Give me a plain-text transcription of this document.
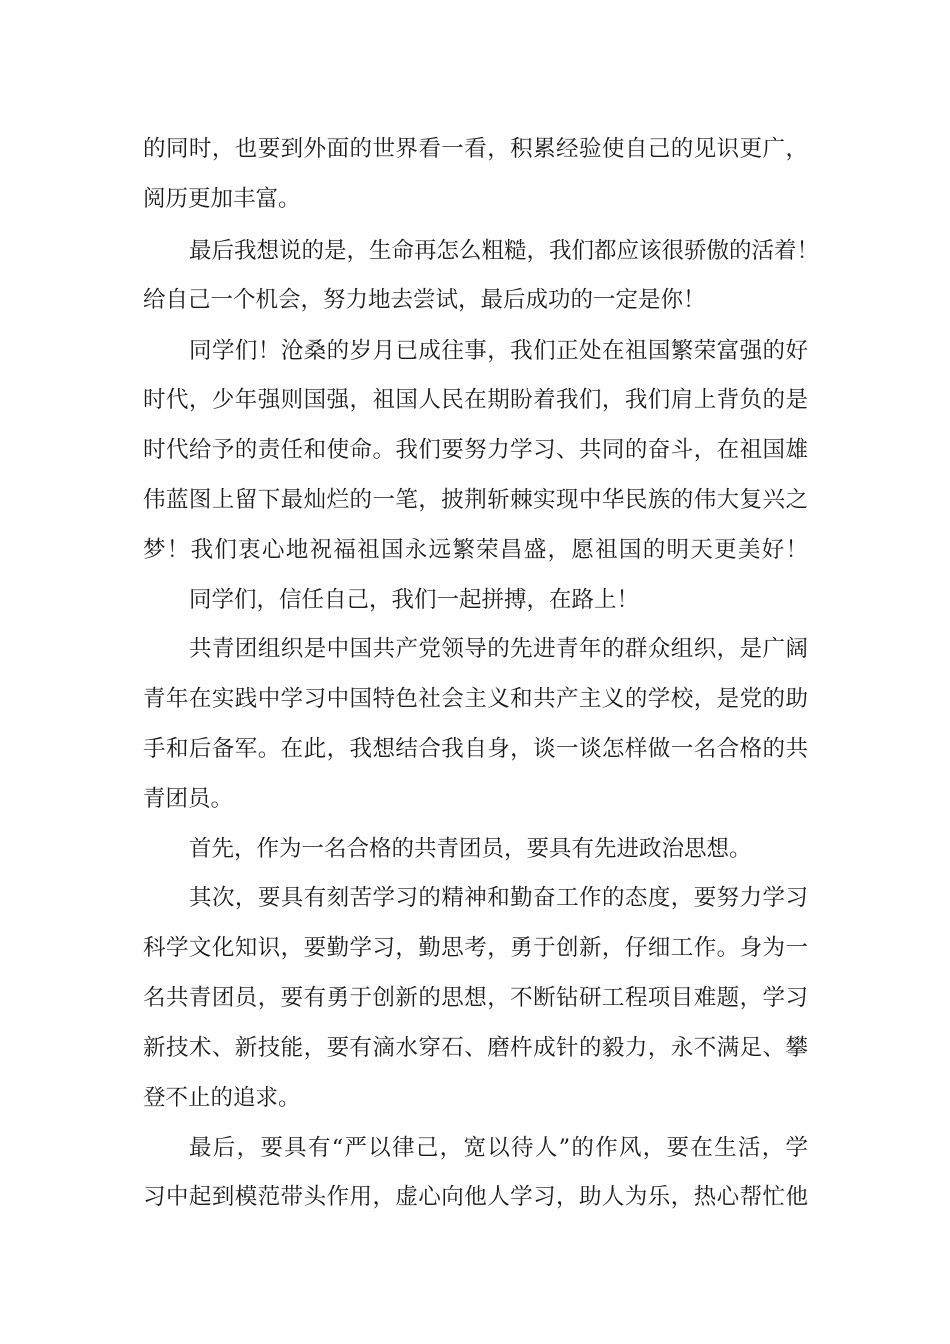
的同时，也要到外面的世界看一看，积累经验使自己的见识更广，

阅历更加丰富。

最后我想说的是，生命再怎么粗糙，我们都应该很骄傲的活着！

给自己一个机会，努力地去尝试，最后成功的一定是你！

同学们！沧桑的岁月已成往事，我们正处在祖国繁荣富强的好

时代，少年强则国强，祖国人民在期盼着我们，我们肩上背负的是

时代给予的责任和使命。我们要努力学习、共同的奋斗，在祖国雄

伟蓝图上留下最灿烂的一笔，披荆斩棘实现中华民族的伟大复兴之

梦！我们衷心地祝福祖国永远繁荣昌盛，愿祖国的明天更美好！

同学们，信任自己，我们一起拼搏，在路上！

共青团组织是中国共产党领导的先进青年的群众组织，是广阔

青年在实践中学习中国特色社会主义和共产主义的学校，是党的助

手和后备军。在此，我想结合我自身，谈一谈怎样做一名合格的共

青团员。

首先，作为一名合格的共青团员，要具有先进政治思想。

其次，要具有刻苦学习的精神和勤奋工作的态度，要努力学习

科学文化知识，要勤学习，勤思考，勇于创新，仔细工作。身为一

名共青团员，要有勇于创新的思想，不断钻研工程项目难题，学习

新技术、新技能，要有滴水穿石、磨杵成针的毅力，永不满足、攀

登不止的追求。

最后，要具有“严以律己，宽以待人”的作风，要在生活，学

习中起到模范带头作用，虚心向他人学习，助人为乐，热心帮忙他
